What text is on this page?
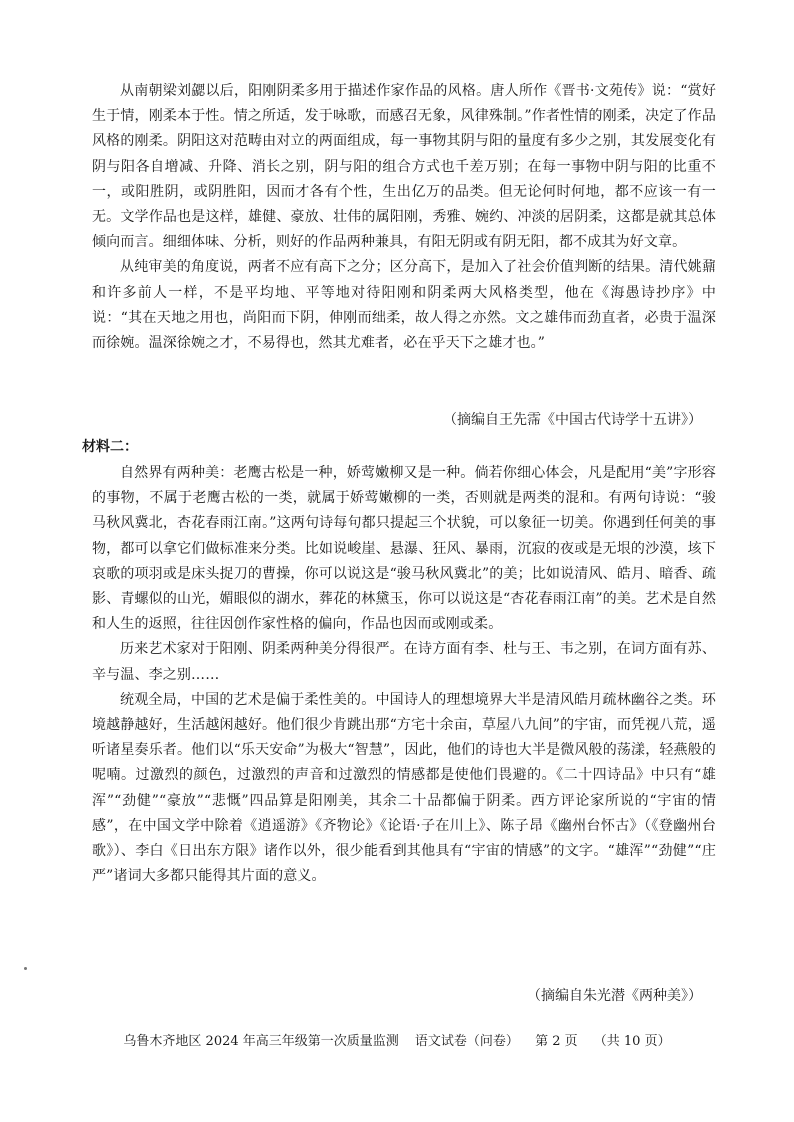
从南朝梁刘勰以后，阳刚阴柔多用于描述作家作品的风格。唐人所作《晋书·文苑传》说：“赏好生于情，刚柔本于性。情之所适，发于咏歌，而感召无象，风律殊制。”作者性情的刚柔，决定了作品风格的刚柔。阴阳这对范畴由对立的两面组成，每一事物其阴与阳的量度有多少之别，其发展变化有阴与阳各自增减、升降、消长之别，阴与阳的组合方式也千差万别；在每一事物中阴与阳的比重不一，或阳胜阴，或阴胜阳，因而才各有个性，生出亿万的品类。但无论何时何地，都不应该一有一无。文学作品也是这样，雄健、豪放、壮伟的属阳刚，秀雅、婉约、冲淡的居阴柔，这都是就其总体倾向而言。细细体味、分析，则好的作品两种兼具，有阳无阴或有阴无阳，都不成其为好文章。

从纯审美的角度说，两者不应有高下之分；区分高下，是加入了社会价值判断的结果。清代姚鼐和许多前人一样，不是平均地、平等地对待阳刚和阴柔两大风格类型，他在《海愚诗抄序》中说：“其在天地之用也，尚阳而下阴，伸刚而绌柔，故人得之亦然。文之雄伟而劲直者，必贵于温深而徐婉。温深徐婉之才，不易得也，然其尤难者，必在乎天下之雄才也。”

（摘编自王先霈《中国古代诗学十五讲》）
材料二：

自然界有两种美：老鹰古松是一种，娇莺嫩柳又是一种。倘若你细心体会，凡是配用“美”字形容的事物，不属于老鹰古松的一类，就属于娇莺嫩柳的一类，否则就是两类的混和。有两句诗说：“骏马秋风冀北，杏花春雨江南。”这两句诗每句都只提起三个状貌，可以象征一切美。你遇到任何美的事物，都可以拿它们做标准来分类。比如说峻崖、悬瀑、狂风、暴雨，沉寂的夜或是无垠的沙漠，垓下哀歌的项羽或是床头捉刀的曹操，你可以说这是“骏马秋风冀北”的美；比如说清风、皓月、暗香、疏影、青螺似的山光，媚眼似的湖水，葬花的林黛玉，你可以说这是“杏花春雨江南”的美。艺术是自然和人生的返照，往往因创作家性格的偏向，作品也因而或刚或柔。

历来艺术家对于阳刚、阴柔两种美分得很严。在诗方面有李、杜与王、韦之别，在词方面有苏、辛与温、李之别……

统观全局，中国的艺术是偏于柔性美的。中国诗人的理想境界大半是清风皓月疏林幽谷之类。环境越静越好，生活越闲越好。他们很少肯跳出那“方宅十余亩，草屋八九间”的宇宙，而凭视八荒，遥听诸星奏乐者。他们以“乐天安命”为极大“智慧”，因此，他们的诗也大半是微风般的荡漾，轻燕般的呢喃。过激烈的颜色，过激烈的声音和过激烈的情感都是使他们畏避的。《二十四诗品》中只有“雄浑”“劲健”“豪放”“悲慨”四品算是阳刚美，其余二十品都偏于阴柔。西方评论家所说的“宇宙的情感”，在中国文学中除着《逍遥游》《齐物论》《论语·子在川上》、陈子昂《幽州台怀古》（《登幽州台歌》）、李白《日出东方限》诸作以外，很少能看到其他具有“宇宙的情感”的文字。“雄浑”“劲健”“庄严”诸词大多都只能得其片面的意义。

（摘编自朱光潜《两种美》）
乌鲁木齐地区 2024 年高三年级第一次质量监测 语文试卷（问卷） 第 2 页 （共 10 页）
